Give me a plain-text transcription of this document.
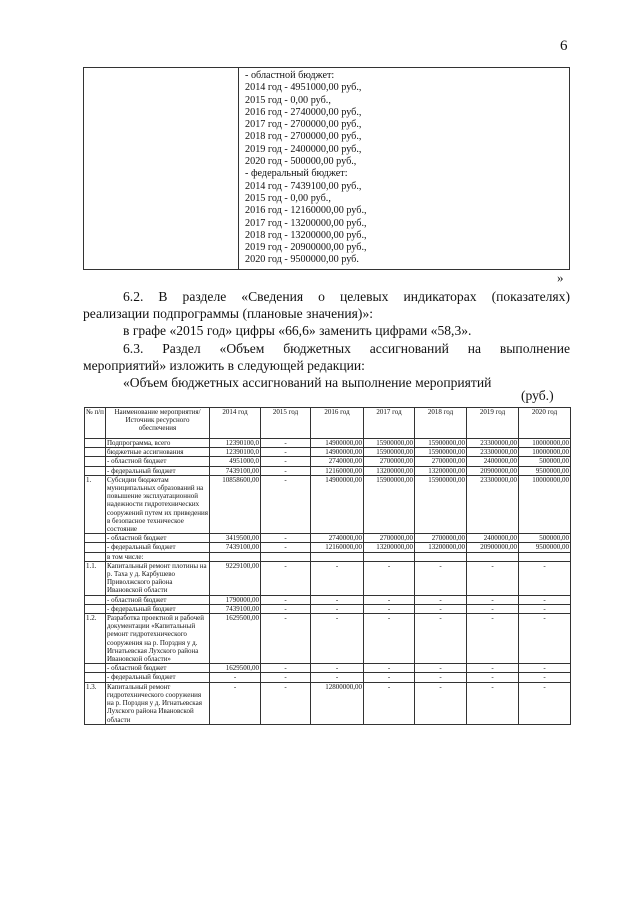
6
- областной бюджет:
2014 год - 4951000,00 руб.,
2015 год - 0,00 руб.,
2016 год - 2740000,00 руб.,
2017 год - 2700000,00 руб.,
2018 год - 2700000,00 руб.,
2019 год - 2400000,00 руб.,
2020 год - 500000,00 руб.,
- федеральный бюджет:
2014 год - 7439100,00 руб.,
2015 год - 0,00 руб.,
2016 год - 12160000,00 руб.,
2017 год - 13200000,00 руб.,
2018 год - 13200000,00 руб.,
2019 год - 20900000,00 руб.,
2020 год - 9500000,00 руб.
»
6.2. В разделе «Сведения о целевых индикаторах (показателях)
реализации подпрограммы (плановые значения)»:
в графе «2015 год» цифры «66,6» заменить цифрами «58,3».
6.3. Раздел «Объем бюджетных ассигнований на выполнение
мероприятий» изложить в следующей редакции:
«Объем бюджетных ассигнований на выполнение мероприятий
(руб.)
№ п/п	Наименование мероприятия/Источник ресурсного обеспечения	2014 год	2015 год	2016 год	2017 год	2018 год	2019 год	2020 год
	Подпрограмма, всего	12390100,0	-	14900000,00	15900000,00	15900000,00	23300000,00	10000000,00
	бюджетные ассигнования	12390100,0	-	14900000,00	15900000,00	15900000,00	23300000,00	10000000,00
	- областной бюджет	4951000,0	-	2740000,00	2700000,00	2700000,00	2400000,00	500000,00
	- федеральный бюджет	7439100,00	-	12160000,00	13200000,00	13200000,00	20900000,00	9500000,00
1.	Субсидии бюджетам муниципальных образований на повышение эксплуатационной надежности гидротехнических сооружений путем их приведения в безопасное техническое состояние	10858600,00	-	14900000,00	15900000,00	15900000,00	23300000,00	10000000,00
	- областной бюджет	3419500,00	-	2740000,00	2700000,00	2700000,00	2400000,00	500000,00
	- федеральный бюджет	7439100,00	-	12160000,00	13200000,00	13200000,00	20900000,00	9500000,00
	в том числе:							
1.1.	Капитальный ремонт плотины на р. Таха у д. Карбушево Приволжского района Ивановской области	9229100,00	-	-	-	-	-	-
	- областной бюджет	1790000,00	-	-	-	-	-	-
	- федеральный бюджет	7439100,00	-	-	-	-	-	-
1.2.	Разработка проектной и рабочей документации «Капитальный ремонт гидротехнического сооружения на р. Порздня у д. Игнатьевская Лухского района Ивановской области»	1629500,00	-	-	-	-	-	-
	- областной бюджет	1629500,00	-	-	-	-	-	-
	- федеральный бюджет	-	-	-	-	-	-	-
1.3.	Капитальный ремонт гидротехнического сооружения на р. Порздня у д. Игнатьевская Лухского района Ивановской области	-	-	12800000,00	-	-	-	-
